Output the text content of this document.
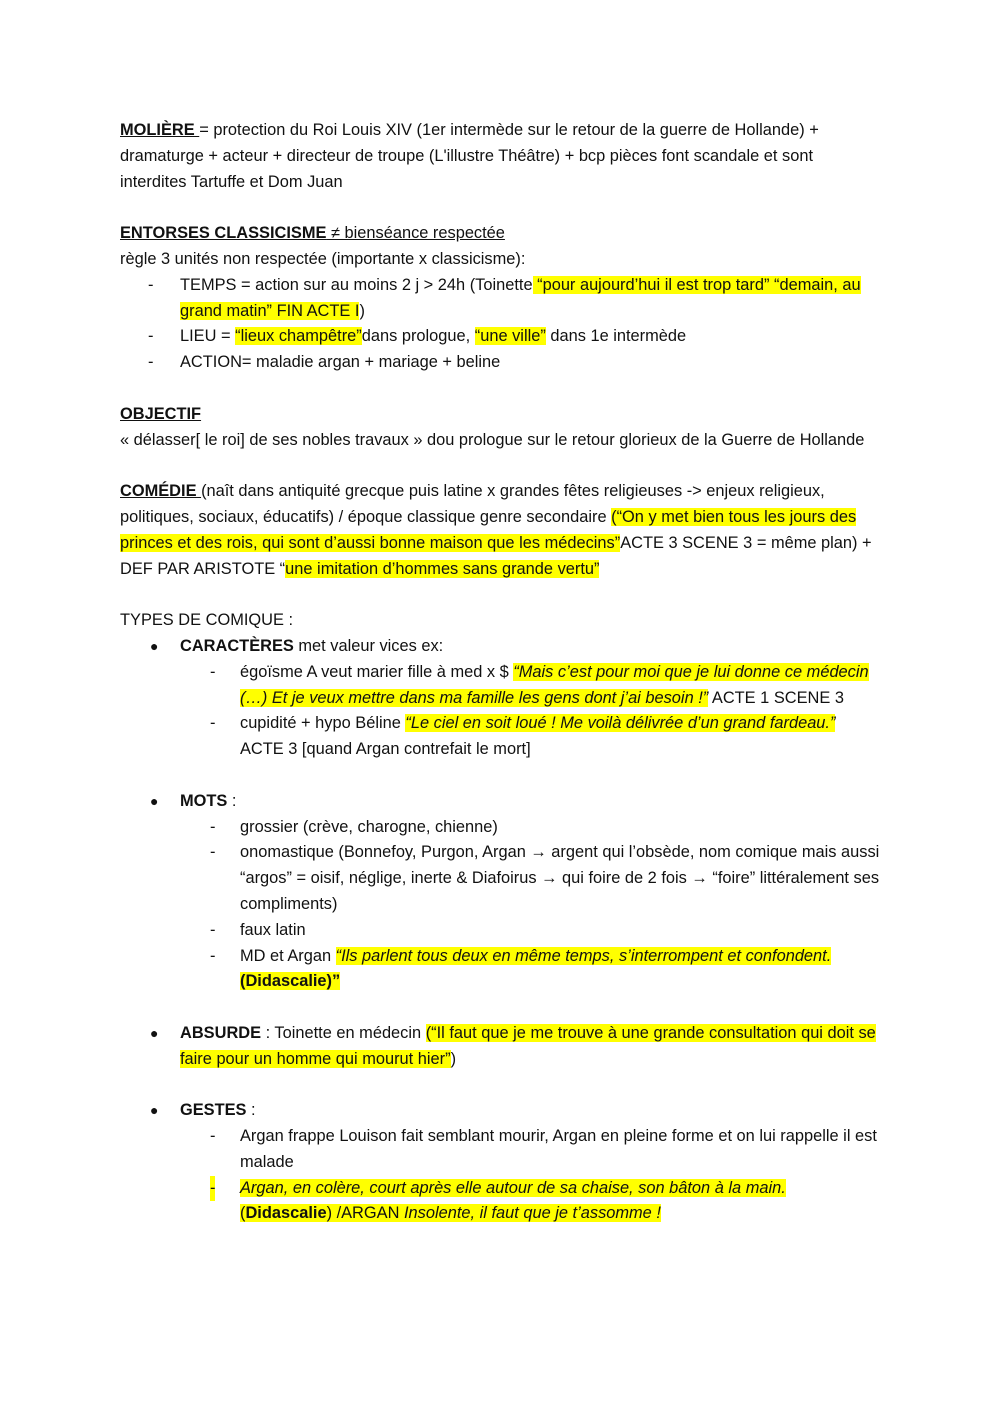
MOLIÈRE = protection du Roi Louis XIV (1er intermède sur le retour de la guerre de Hollande) + dramaturge + acteur + directeur de troupe (L'illustre Théâtre) + bcp pièces font scandale et sont interdites Tartuffe et Dom Juan

ENTORSES CLASSICISME ≠ bienséance respectée

règle 3 unités non respectée (importante x classicisme):

- TEMPS = action sur au moins 2 j > 24h (Toinette “pour aujourd’hui il est trop tard” “demain, au grand matin” FIN ACTE I)
- LIEU = “lieux champêtre”dans prologue, “une ville” dans 1e intermède
- ACTION= maladie argan + mariage + beline

OBJECTIF

« délasser[ le roi] de ses nobles travaux » dou prologue sur le retour glorieux de la Guerre de Hollande

COMÉDIE (naît dans antiquité grecque puis latine x grandes fêtes religieuses -> enjeux religieux, politiques, sociaux, éducatifs) / époque classique genre secondaire (“On y met bien tous les jours des princes et des rois, qui sont d’aussi bonne maison que les médecins”ACTE 3 SCENE 3 = même plan) + DEF PAR ARISTOTE “une imitation d’hommes sans grande vertu”

TYPES DE COMIQUE :

● CARACTÈRES met valeur vices ex:
- égoïsme A veut marier fille à med x $ “Mais c’est pour moi que je lui donne ce médecin (…) Et je veux mettre dans ma famille les gens dont j’ai besoin !” ACTE 1 SCENE 3
- cupidité + hypo Béline “Le ciel en soit loué ! Me voilà délivrée d’un grand fardeau.”
ACTE 3 [quand Argan contrefait le mort]
● MOTS :
- grossier (crève, charogne, chienne)
- onomastique (Bonnefoy, Purgon, Argan → argent qui l’obsède, nom comique mais aussi “argos” = oisif, néglige, inerte & Diafoirus → qui foire de 2 fois → “foire” littéralement ses compliments)
- faux latin
- MD et Argan “Ils parlent tous deux en même temps, s’interrompent et confondent.
(Didascalie)”
● ABSURDE : Toinette en médecin (“Il faut que je me trouve à une grande consultation qui doit se faire pour un homme qui mourut hier”)
● GESTES :
- Argan frappe Louison fait semblant mourir, Argan en pleine forme et on lui rappelle il est malade
- Argan, en colère, court après elle autour de sa chaise, son bâton à la main.
(Didascalie) /ARGAN Insolente, il faut que je t’assomme !
